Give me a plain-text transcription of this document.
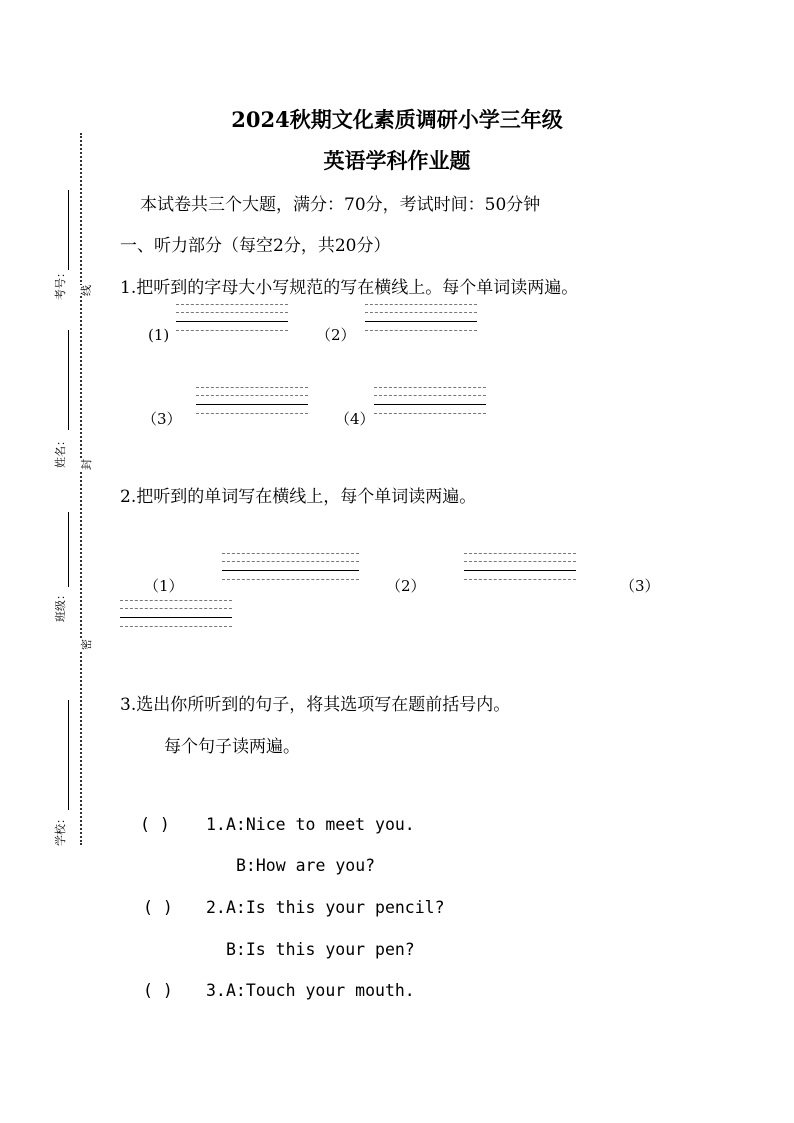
考号： 线
姓名： 封
班级：
密
学校：
2024秋期文化素质调研小学三年级
英语学科作业题
本试卷共三个大题，满分：70分，考试时间：50分钟
一、听力部分（每空2分，共20分）
1.把听到的字母大小写规范的写在横线上。每个单词读两遍。
(1)	（2）
（3）	（4）
2.把听到的单词写在横线上，每个单词读两遍。
（1）	（2）	（3）
3.选出你所听到的句子，将其选项写在题前括号内。
每个句子读两遍。
( ) 1. A:Nice to meet you.
B:How are you?
( ) 2. A:Is this your pencil?
B:Is this your pen?
( ) 3. A:Touch your mouth.
